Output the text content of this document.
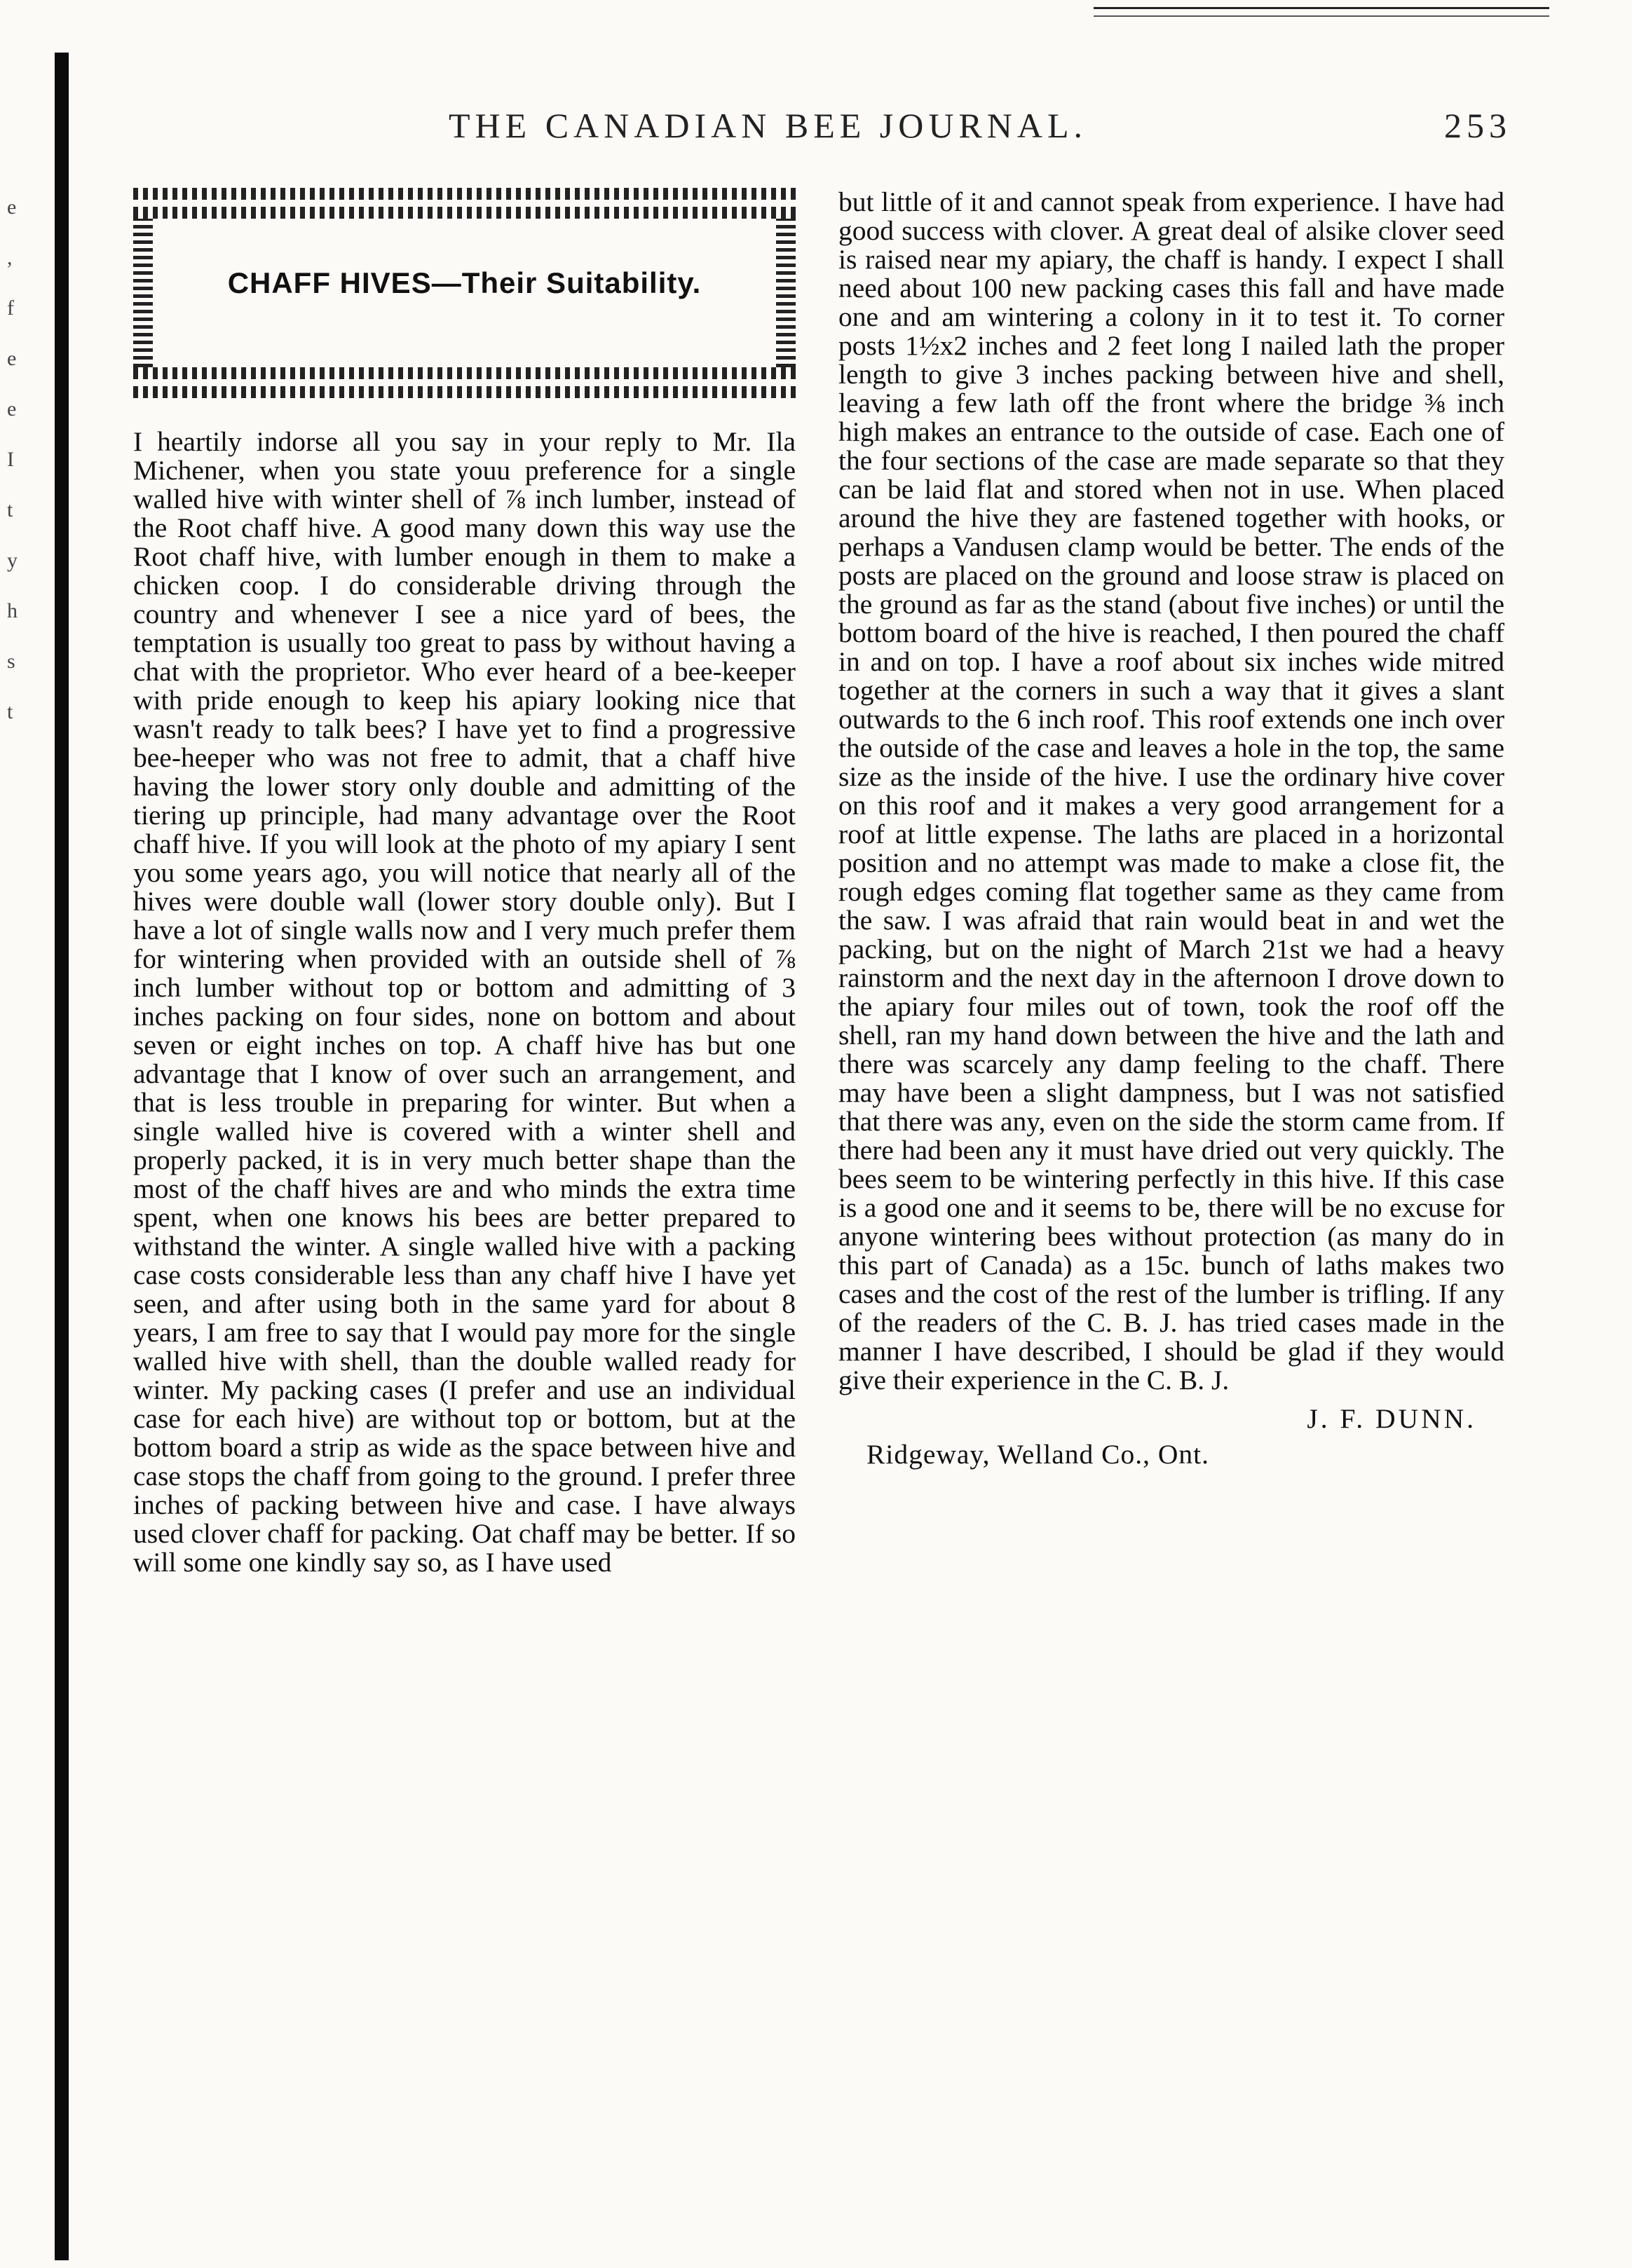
e
,
f
e
e
I
t
y
h
s
t
THE CANADIAN BEE JOURNAL.	253
CHAFF HIVES—Their Suitability.

I heartily indorse all you say in your reply to Mr. Ila Michener, when you state youu preference for a single walled hive with winter shell of ⅞ inch lumber, instead of the Root chaff hive. A good many down this way use the Root chaff hive, with lumber enough in them to make a chicken coop. I do considerable driving through the country and whenever I see a nice yard of bees, the temptation is usually too great to pass by without having a chat with the proprietor. Who ever heard of a bee-keeper with pride enough to keep his apiary looking nice that wasn't ready to talk bees? I have yet to find a progressive bee-heeper who was not free to admit, that a chaff hive having the lower story only double and admitting of the tiering up principle, had many advantage over the Root chaff hive. If you will look at the photo of my apiary I sent you some years ago, you will notice that nearly all of the hives were double wall (lower story double only). But I have a lot of single walls now and I very much prefer them for wintering when provided with an outside shell of ⅞ inch lumber without top or bottom and admitting of 3 inches packing on four sides, none on bottom and about seven or eight inches on top. A chaff hive has but one advantage that I know of over such an arrangement, and that is less trouble in preparing for winter. But when a single walled hive is covered with a winter shell and properly packed, it is in very much better shape than the most of the chaff hives are and who minds the extra time spent, when one knows his bees are better prepared to withstand the winter. A single walled hive with a packing case costs considerable less than any chaff hive I have yet seen, and after using both in the same yard for about 8 years, I am free to say that I would pay more for the single walled hive with shell, than the double walled ready for winter. My packing cases (I prefer and use an individual case for each hive) are without top or bottom, but at the bottom board a strip as wide as the space between hive and case stops the chaff from going to the ground. I prefer three inches of packing between hive and case. I have always used clover chaff for packing. Oat chaff may be better. If so will some one kindly say so, as I have used

but little of it and cannot speak from experience. I have had good success with clover. A great deal of alsike clover seed is raised near my apiary, the chaff is handy. I expect I shall need about 100 new packing cases this fall and have made one and am wintering a colony in it to test it. To corner posts 1½x2 inches and 2 feet long I nailed lath the proper length to give 3 inches packing between hive and shell, leaving a few lath off the front where the bridge ⅜ inch high makes an entrance to the outside of case. Each one of the four sections of the case are made separate so that they can be laid flat and stored when not in use. When placed around the hive they are fastened together with hooks, or perhaps a Vandusen clamp would be better. The ends of the posts are placed on the ground and loose straw is placed on the ground as far as the stand (about five inches) or until the bottom board of the hive is reached, I then poured the chaff in and on top. I have a roof about six inches wide mitred together at the corners in such a way that it gives a slant outwards to the 6 inch roof. This roof extends one inch over the outside of the case and leaves a hole in the top, the same size as the inside of the hive. I use the ordinary hive cover on this roof and it makes a very good arrangement for a roof at little expense. The laths are placed in a horizontal position and no attempt was made to make a close fit, the rough edges coming flat together same as they came from the saw. I was afraid that rain would beat in and wet the packing, but on the night of March 21st we had a heavy rainstorm and the next day in the afternoon I drove down to the apiary four miles out of town, took the roof off the shell, ran my hand down between the hive and the lath and there was scarcely any damp feeling to the chaff. There may have been a slight dampness, but I was not satisfied that there was any, even on the side the storm came from. If there had been any it must have dried out very quickly. The bees seem to be wintering perfectly in this hive. If this case is a good one and it seems to be, there will be no excuse for anyone wintering bees without protection (as many do in this part of Canada) as a 15c. bunch of laths makes two cases and the cost of the rest of the lumber is trifling. If any of the readers of the C. B. J. has tried cases made in the manner I have described, I should be glad if they would give their experience in the C. B. J.

J. F. DUNN.
Ridgeway, Welland Co., Ont.
